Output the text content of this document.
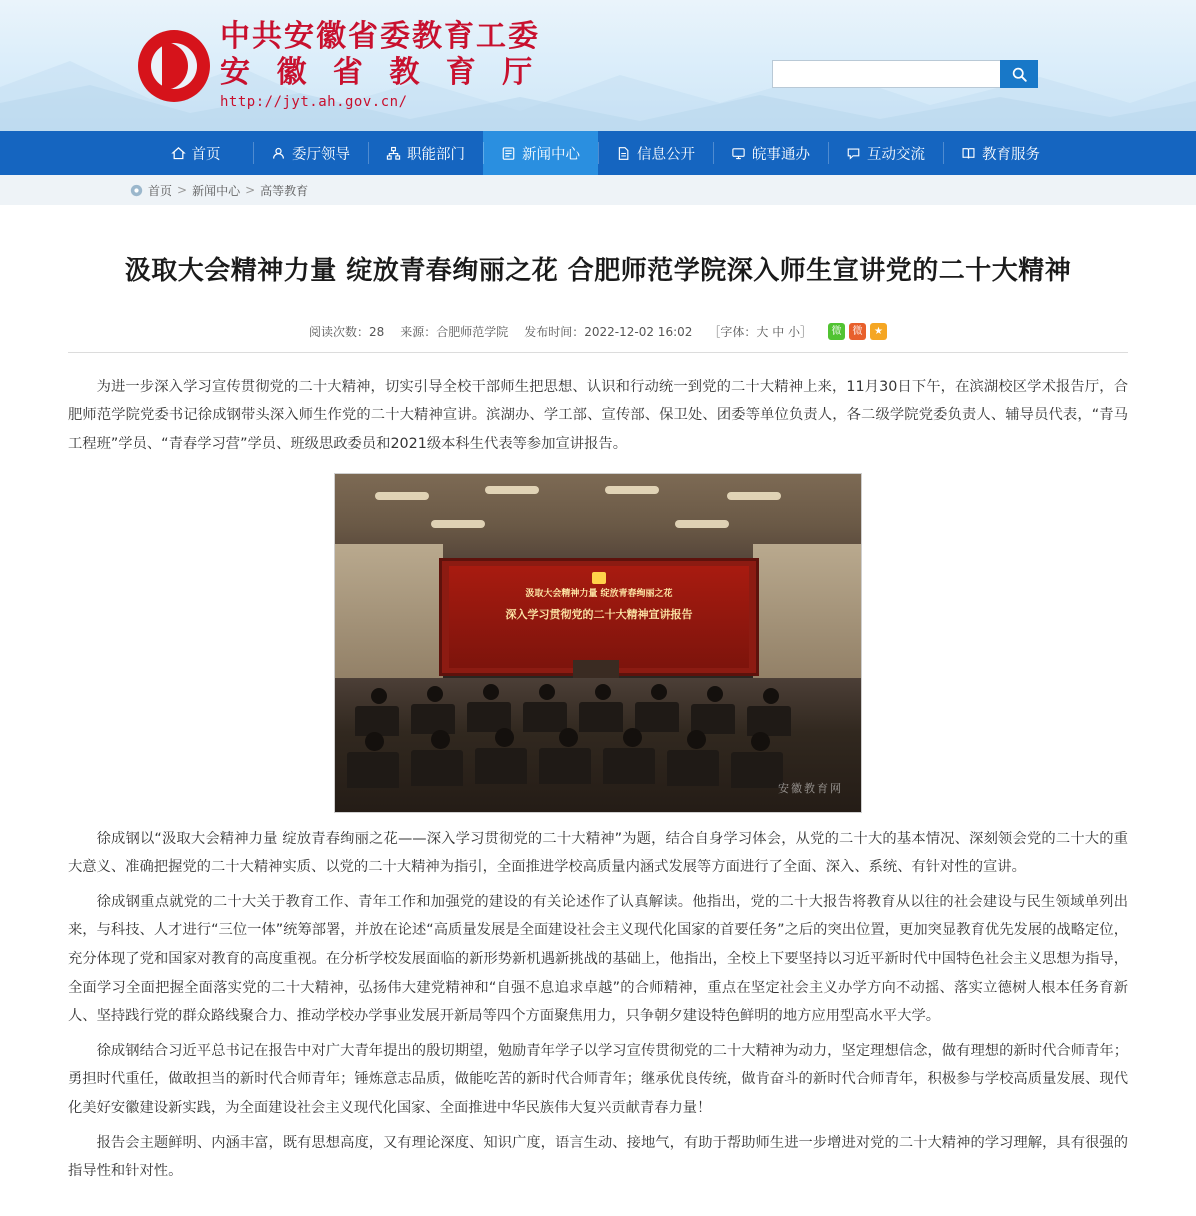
中共安徽省委教育工委
安 徽 省 教 育 厅
http://jyt.ah.gov.cn/
首页	委厅领导	职能部门	新闻中心	信息公开	皖事通办	互动交流	教育服务
首页 > 新闻中心 > 高等教育
汲取大会精神力量 绽放青春绚丽之花 合肥师范学院深入师生宣讲党的二十大精神
阅读次数：28 来源：合肥师范学院 发布时间：2022-12-02 16:02 ［字体：大 中 小］	微	微	★

为进一步深入学习宣传贯彻党的二十大精神，切实引导全校干部师生把思想、认识和行动统一到党的二十大精神上来，11月30日下午，在滨湖校区学术报告厅，合肥师范学院党委书记徐成钢带头深入师生作党的二十大精神宣讲。滨湖办、学工部、宣传部、保卫处、团委等单位负责人，各二级学院党委负责人、辅导员代表，“青马工程班”学员、“青春学习营”学员、班级思政委员和2021级本科生代表等参加宣讲报告。

汲取大会精神力量 绽放青春绚丽之花
深入学习贯彻党的二十大精神宣讲报告
安徽教育网

徐成钢以“汲取大会精神力量 绽放青春绚丽之花——深入学习贯彻党的二十大精神”为题，结合自身学习体会，从党的二十大的基本情况、深刻领会党的二十大的重大意义、准确把握党的二十大精神实质、以党的二十大精神为指引，全面推进学校高质量内涵式发展等方面进行了全面、深入、系统、有针对性的宣讲。

徐成钢重点就党的二十大关于教育工作、青年工作和加强党的建设的有关论述作了认真解读。他指出，党的二十大报告将教育从以往的社会建设与民生领域单列出来，与科技、人才进行“三位一体”统筹部署，并放在论述“高质量发展是全面建设社会主义现代化国家的首要任务”之后的突出位置，更加突显教育优先发展的战略定位，充分体现了党和国家对教育的高度重视。在分析学校发展面临的新形势新机遇新挑战的基础上，他指出，全校上下要坚持以习近平新时代中国特色社会主义思想为指导，全面学习全面把握全面落实党的二十大精神，弘扬伟大建党精神和“自强不息追求卓越”的合师精神，重点在坚定社会主义办学方向不动摇、落实立德树人根本任务育新人、坚持践行党的群众路线聚合力、推动学校办学事业发展开新局等四个方面聚焦用力，只争朝夕建设特色鲜明的地方应用型高水平大学。

徐成钢结合习近平总书记在报告中对广大青年提出的殷切期望，勉励青年学子以学习宣传贯彻党的二十大精神为动力，坚定理想信念，做有理想的新时代合师青年；勇担时代重任，做敢担当的新时代合师青年；锤炼意志品质，做能吃苦的新时代合师青年；继承优良传统，做肯奋斗的新时代合师青年，积极参与学校高质量发展、现代化美好安徽建设新实践，为全面建设社会主义现代化国家、全面推进中华民族伟大复兴贡献青春力量！

报告会主题鲜明、内涵丰富，既有思想高度，又有理论深度、知识广度，语言生动、接地气，有助于帮助师生进一步增进对党的二十大精神的学习理解，具有很强的指导性和针对性。
